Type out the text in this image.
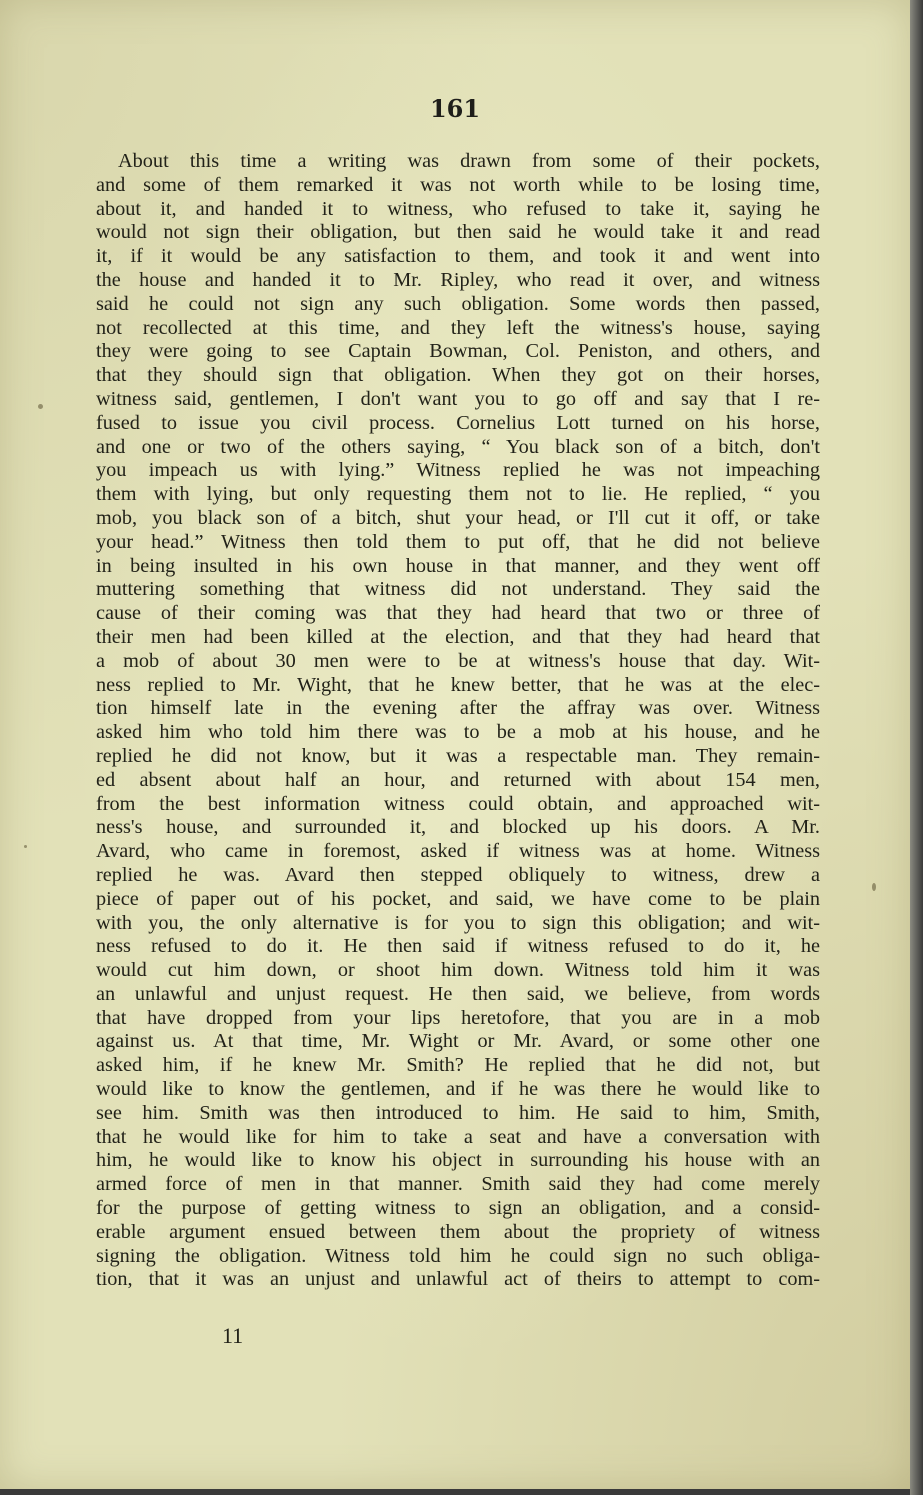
161
About this time a writing was drawn from some of their pockets,
and some of them remarked it was not worth while to be losing time,
about it, and handed it to witness, who refused to take it, saying he
would not sign their obligation, but then said he would take it and read
it, if it would be any satisfaction to them, and took it and went into
the house and handed it to Mr. Ripley, who read it over, and witness
said he could not sign any such obligation. Some words then passed,
not recollected at this time, and they left the witness's house, saying
they were going to see Captain Bowman, Col. Peniston, and others, and
that they should sign that obligation. When they got on their horses,
witness said, gentlemen, I don't want you to go off and say that I re-
fused to issue you civil process. Cornelius Lott turned on his horse,
and one or two of the others saying, “ You black son of a bitch, don't
you impeach us with lying.” Witness replied he was not impeaching
them with lying, but only requesting them not to lie. He replied, “ you
mob, you black son of a bitch, shut your head, or I'll cut it off, or take
your head.” Witness then told them to put off, that he did not believe
in being insulted in his own house in that manner, and they went off
muttering something that witness did not understand. They said the
cause of their coming was that they had heard that two or three of
their men had been killed at the election, and that they had heard that
a mob of about 30 men were to be at witness's house that day. Wit-
ness replied to Mr. Wight, that he knew better, that he was at the elec-
tion himself late in the evening after the affray was over. Witness
asked him who told him there was to be a mob at his house, and he
replied he did not know, but it was a respectable man. They remain-
ed absent about half an hour, and returned with about 154 men,
from the best information witness could obtain, and approached wit-
ness's house, and surrounded it, and blocked up his doors. A Mr.
Avard, who came in foremost, asked if witness was at home. Witness
replied he was. Avard then stepped obliquely to witness, drew a
piece of paper out of his pocket, and said, we have come to be plain
with you, the only alternative is for you to sign this obligation; and wit-
ness refused to do it. He then said if witness refused to do it, he
would cut him down, or shoot him down. Witness told him it was
an unlawful and unjust request. He then said, we believe, from words
that have dropped from your lips heretofore, that you are in a mob
against us. At that time, Mr. Wight or Mr. Avard, or some other one
asked him, if he knew Mr. Smith? He replied that he did not, but
would like to know the gentlemen, and if he was there he would like to
see him. Smith was then introduced to him. He said to him, Smith,
that he would like for him to take a seat and have a conversation with
him, he would like to know his object in surrounding his house with an
armed force of men in that manner. Smith said they had come merely
for the purpose of getting witness to sign an obligation, and a consid-
erable argument ensued between them about the propriety of witness
signing the obligation. Witness told him he could sign no such obliga-
tion, that it was an unjust and unlawful act of theirs to attempt to com-
11
